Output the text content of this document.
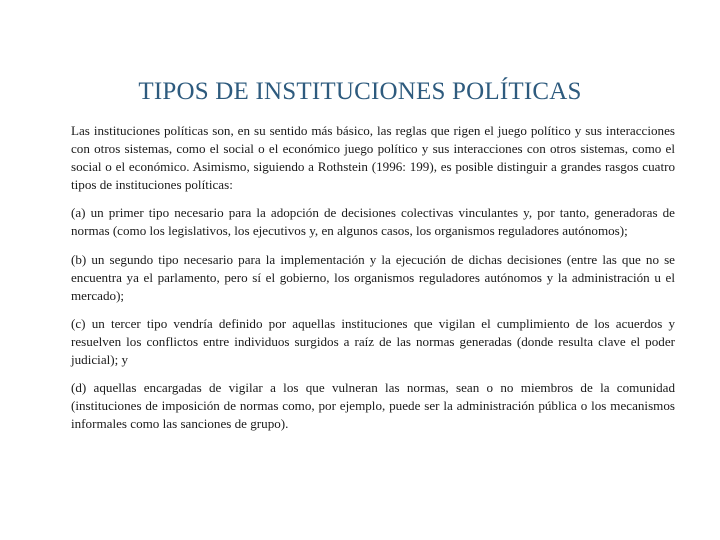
TIPOS DE INSTITUCIONES POLÍTICAS

Las instituciones políticas son, en su sentido más básico, las reglas que rigen el juego político y sus interacciones con otros sistemas, como el social o el económico juego político y sus interacciones con otros sistemas, como el social o el económico. Asimismo, siguiendo a Rothstein (1996: 199), es posible distinguir a grandes rasgos cuatro tipos de instituciones políticas:

(a) un primer tipo necesario para la adopción de decisiones colectivas vinculantes y, por tanto, generadoras de normas (como los legislativos, los ejecutivos y, en algunos casos, los organismos reguladores autónomos);

(b) un segundo tipo necesario para la implementación y la ejecución de dichas decisiones (entre las que no se encuentra ya el parlamento, pero sí el gobierno, los organismos reguladores autónomos y la administración u el mercado);

(c) un tercer tipo vendría definido por aquellas instituciones que vigilan el cumplimiento de los acuerdos y resuelven los conflictos entre individuos surgidos a raíz de las normas generadas (donde resulta clave el poder judicial); y

(d) aquellas encargadas de vigilar a los que vulneran las normas, sean o no miembros de la comunidad (instituciones de imposición de normas como, por ejemplo, puede ser la administración pública o los mecanismos informales como las sanciones de grupo).
